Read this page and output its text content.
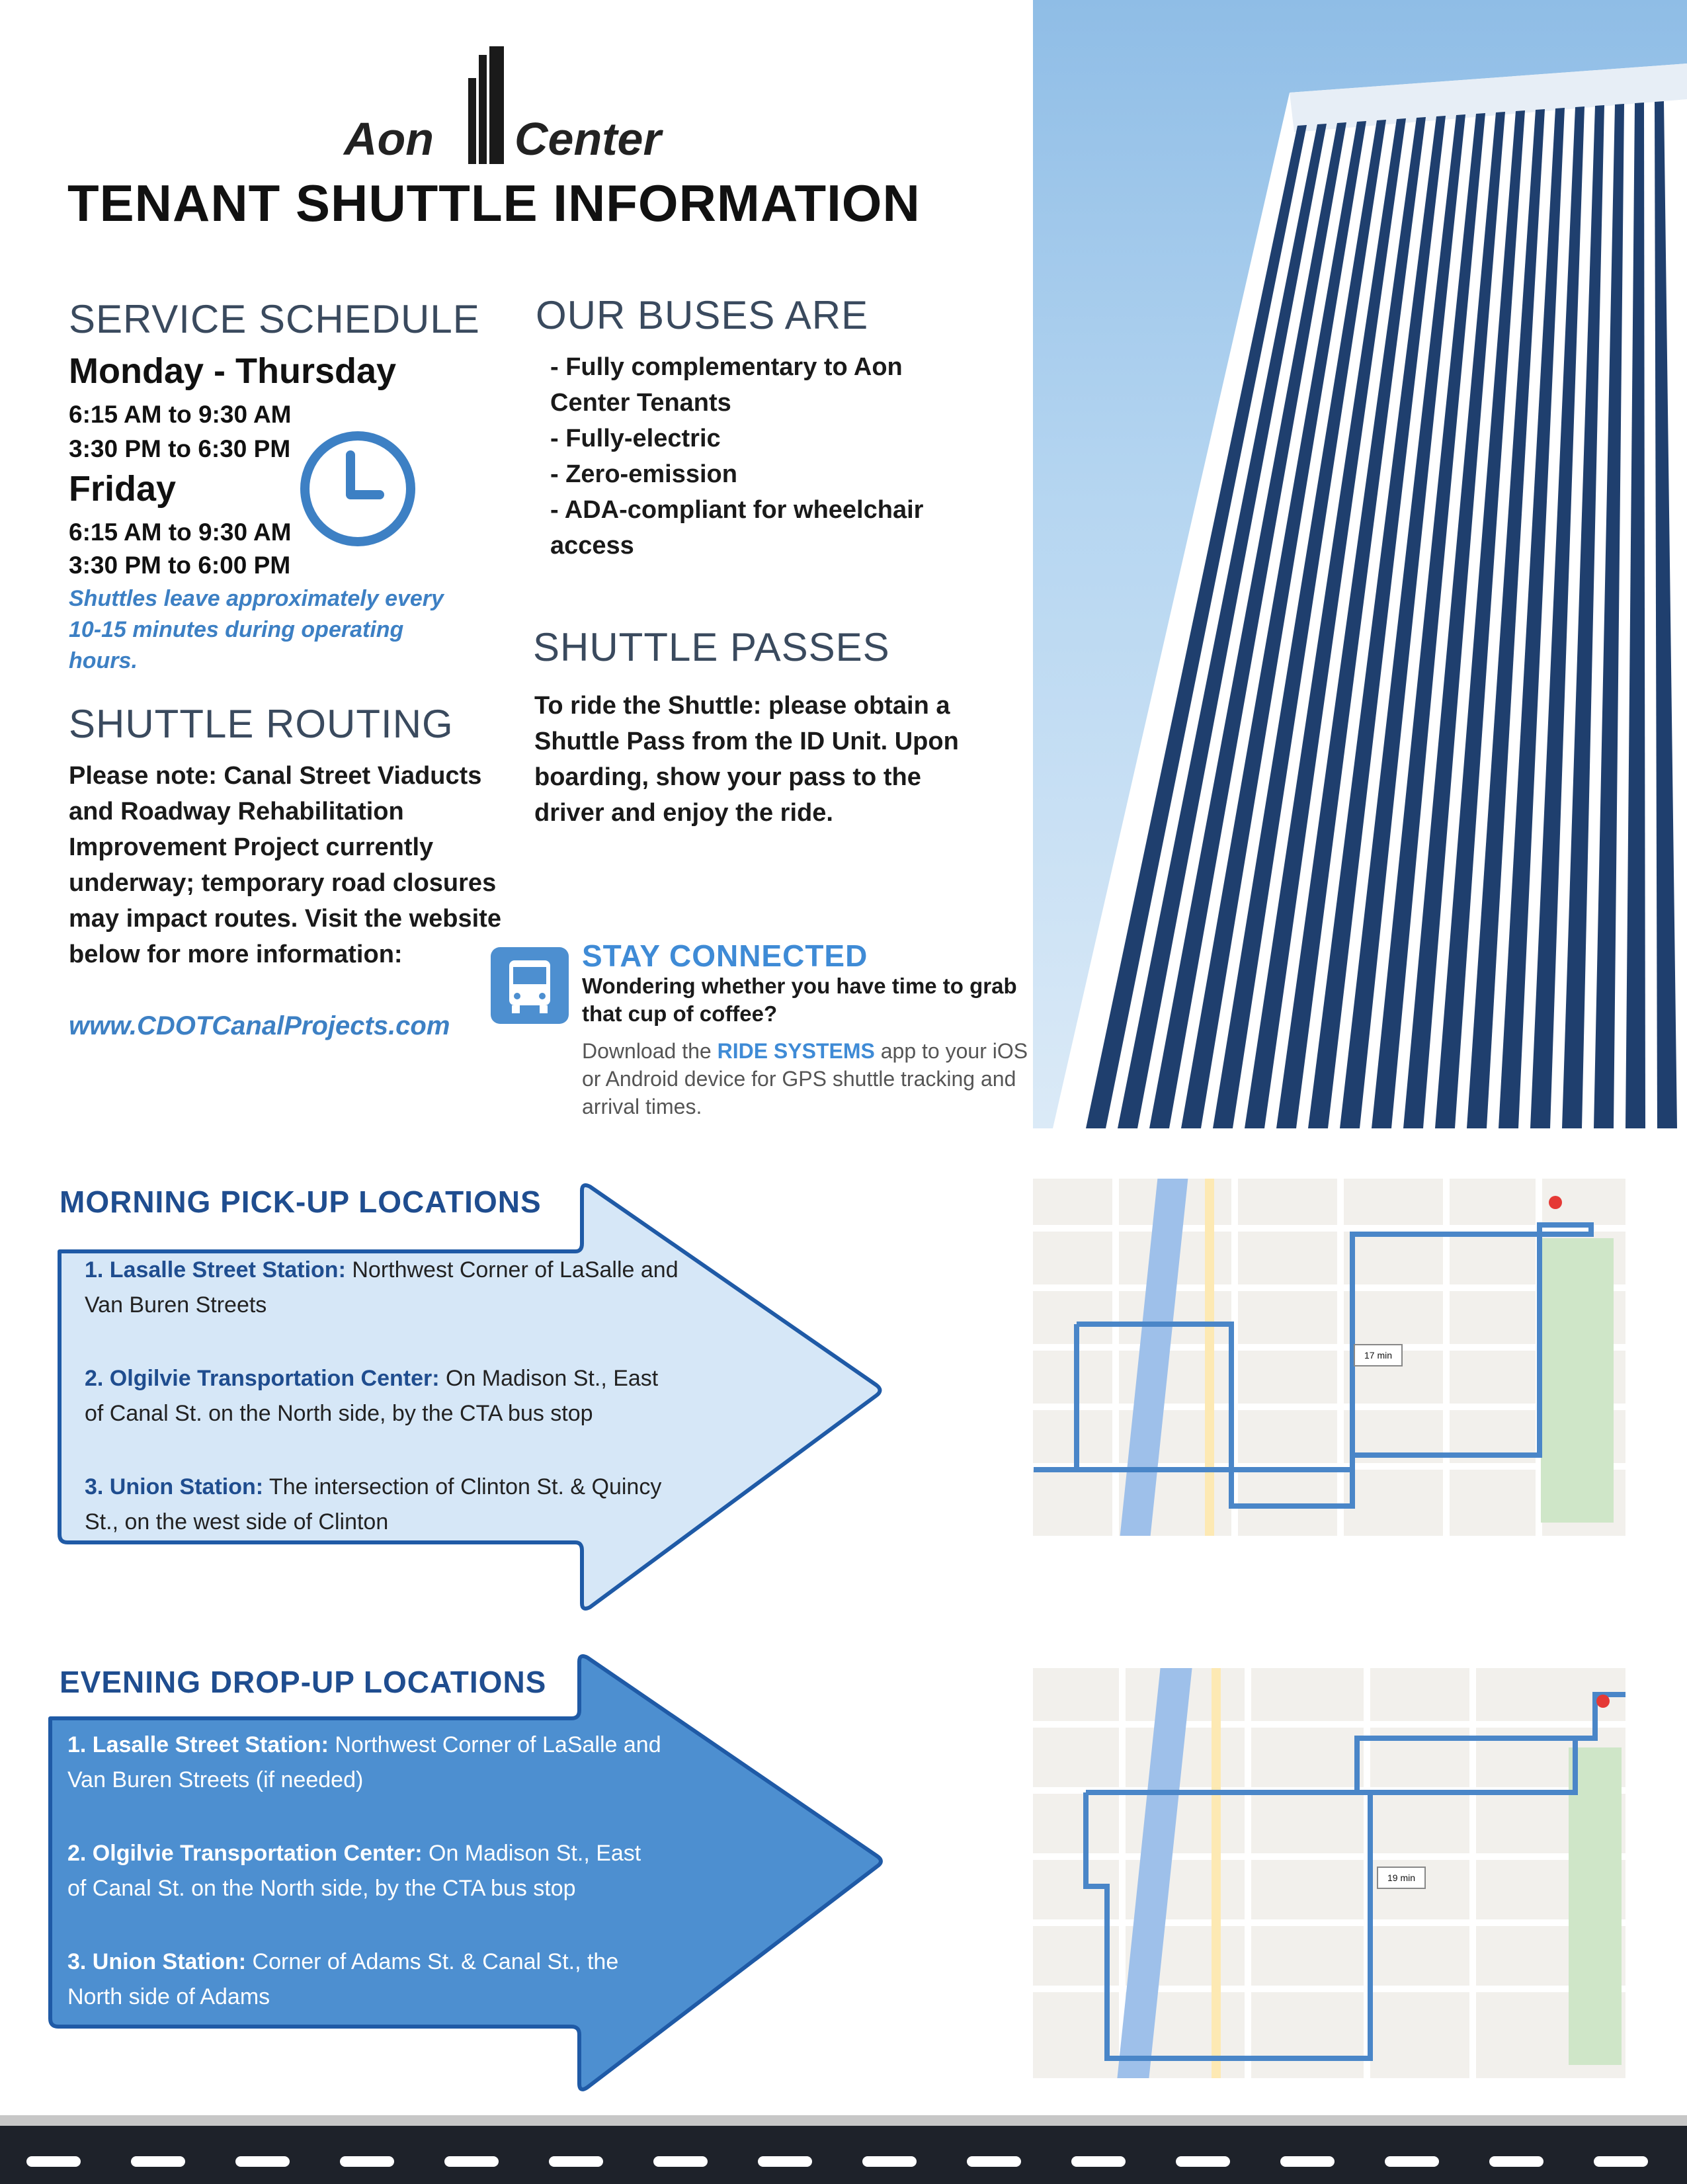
Aon Center
TENANT SHUTTLE INFORMATION
SERVICE SCHEDULE
Monday - Thursday
6:15 AM to 9:30 AM
3:30 PM to 6:30 PM
Friday
6:15 AM to 9:30 AM
3:30 PM to 6:00 PM
Shuttles leave approximately every 10-15 minutes during operating hours.
OUR BUSES ARE
- Fully complementary to Aon Center Tenants
- Fully-electric
- Zero-emission
- ADA-compliant for wheelchair access
SHUTTLE PASSES
To ride the Shuttle: please obtain a Shuttle Pass from the ID Unit. Upon boarding, show your pass to the driver and enjoy the ride.
SHUTTLE ROUTING
Please note: Canal Street Viaducts and Roadway Rehabilitation Improvement Project currently underway; temporary road closures may impact routes. Visit the website below for more information:
www.CDOTCanalProjects.com
STAY CONNECTED
Wondering whether you have time to grab that cup of coffee?
Download the RIDE SYSTEMS app to your iOS or Android device for GPS shuttle tracking and arrival times.
MORNING PICK-UP LOCATIONS
1. Lasalle Street Station: Northwest Corner of LaSalle and Van Buren Streets
2. Olgilvie Transportation Center: On Madison St., East of Canal St. on the North side, by the CTA bus stop
3. Union Station: The intersection of Clinton St. & Quincy St., on the west side of Clinton
EVENING DROP-UP LOCATIONS
1. Lasalle Street Station: Northwest Corner of LaSalle and Van Buren Streets (if needed)
2. Olgilvie Transportation Center: On Madison St., East of Canal St. on the North side, by the CTA bus stop
3. Union Station: Corner of Adams St. & Canal St., the North side of Adams
17 min
19 min
